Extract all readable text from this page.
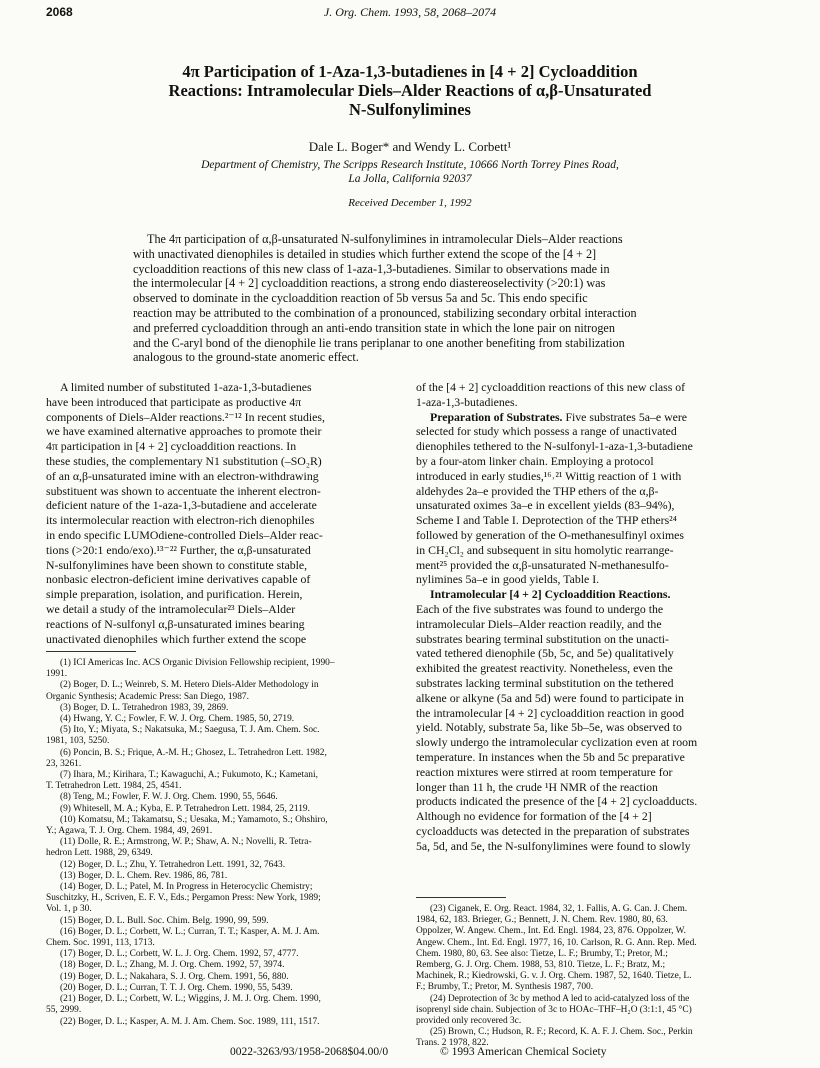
2068	J. Org. Chem. 1993, 58, 2068–2074
4π Participation of 1-Aza-1,3-butadienes in [4 + 2] Cycloaddition
Reactions: Intramolecular Diels–Alder Reactions of α,β-Unsaturated
N-Sulfonylimines
Dale L. Boger* and Wendy L. Corbett¹
Department of Chemistry, The Scripps Research Institute, 10666 North Torrey Pines Road,
La Jolla, California 92037
Received December 1, 1992
The 4π participation of α,β-unsaturated N-sulfonylimines in intramolecular Diels–Alder reactions
with unactivated dienophiles is detailed in studies which further extend the scope of the [4 + 2]
cycloaddition reactions of this new class of 1-aza-1,3-butadienes. Similar to observations made in
the intermolecular [4 + 2] cycloaddition reactions, a strong endo diastereoselectivity (>20:1) was
observed to dominate in the cycloaddition reaction of 5b versus 5a and 5c. This endo specific
reaction may be attributed to the combination of a pronounced, stabilizing secondary orbital interaction
and preferred cycloaddition through an anti-endo transition state in which the lone pair on nitrogen
and the C-aryl bond of the dienophile lie trans periplanar to one another benefiting from stabilization
analogous to the ground-state anomeric effect.
A limited number of substituted 1-aza-1,3-butadienes
have been introduced that participate as productive 4π
components of Diels–Alder reactions.²⁻¹² In recent studies,
we have examined alternative approaches to promote their
4π participation in [4 + 2] cycloaddition reactions. In
these studies, the complementary N1 substitution (–SO₂R)
of an α,β-unsaturated imine with an electron-withdrawing
substituent was shown to accentuate the inherent electron-
deficient nature of the 1-aza-1,3-butadiene and accelerate
its intermolecular reaction with electron-rich dienophiles
in endo specific LUMOdiene-controlled Diels–Alder reac-
tions (>20:1 endo/exo).¹³⁻²² Further, the α,β-unsaturated
N-sulfonylimines have been shown to constitute stable,
nonbasic electron-deficient imine derivatives capable of
simple preparation, isolation, and purification. Herein,
we detail a study of the intramolecular²³ Diels–Alder
reactions of N-sulfonyl α,β-unsaturated imines bearing
unactivated dienophiles which further extend the scope
(1) ICI Americas Inc. ACS Organic Division Fellowship recipient, 1990–
1991.
(2) Boger, D. L.; Weinreb, S. M. Hetero Diels-Alder Methodology in
Organic Synthesis; Academic Press: San Diego, 1987.
(3) Boger, D. L. Tetrahedron 1983, 39, 2869.
(4) Hwang, Y. C.; Fowler, F. W. J. Org. Chem. 1985, 50, 2719.
(5) Ito, Y.; Miyata, S.; Nakatsuka, M.; Saegusa, T. J. Am. Chem. Soc.
1981, 103, 5250.
(6) Poncin, B. S.; Frique, A.-M. H.; Ghosez, L. Tetrahedron Lett. 1982,
23, 3261.
(7) Ihara, M.; Kirihara, T.; Kawaguchi, A.; Fukumoto, K.; Kametani,
T. Tetrahedron Lett. 1984, 25, 4541.
(8) Teng, M.; Fowler, F. W. J. Org. Chem. 1990, 55, 5646.
(9) Whitesell, M. A.; Kyba, E. P. Tetrahedron Lett. 1984, 25, 2119.
(10) Komatsu, M.; Takamatsu, S.; Uesaka, M.; Yamamoto, S.; Ohshiro,
Y.; Agawa, T. J. Org. Chem. 1984, 49, 2691.
(11) Dolle, R. E.; Armstrong, W. P.; Shaw, A. N.; Novelli, R. Tetra-
hedron Lett. 1988, 29, 6349.
(12) Boger, D. L.; Zhu, Y. Tetrahedron Lett. 1991, 32, 7643.
(13) Boger, D. L. Chem. Rev. 1986, 86, 781.
(14) Boger, D. L.; Patel, M. In Progress in Heterocyclic Chemistry;
Suschitzky, H., Scriven, E. F. V., Eds.; Pergamon Press: New York, 1989;
Vol. 1, p 30.
(15) Boger, D. L. Bull. Soc. Chim. Belg. 1990, 99, 599.
(16) Boger, D. L.; Corbett, W. L.; Curran, T. T.; Kasper, A. M. J. Am.
Chem. Soc. 1991, 113, 1713.
(17) Boger, D. L.; Corbett, W. L. J. Org. Chem. 1992, 57, 4777.
(18) Boger, D. L.; Zhang, M. J. Org. Chem. 1992, 57, 3974.
(19) Boger, D. L.; Nakahara, S. J. Org. Chem. 1991, 56, 880.
(20) Boger, D. L.; Curran, T. T. J. Org. Chem. 1990, 55, 5439.
(21) Boger, D. L.; Corbett, W. L.; Wiggins, J. M. J. Org. Chem. 1990,
55, 2999.
(22) Boger, D. L.; Kasper, A. M. J. Am. Chem. Soc. 1989, 111, 1517.
of the [4 + 2] cycloaddition reactions of this new class of
1-aza-1,3-butadienes.
Preparation of Substrates. Five substrates 5a–e were
selected for study which possess a range of unactivated
dienophiles tethered to the N-sulfonyl-1-aza-1,3-butadiene
by a four-atom linker chain. Employing a protocol
introduced in early studies,¹⁶˒²¹ Wittig reaction of 1 with
aldehydes 2a–e provided the THP ethers of the α,β-
unsaturated oximes 3a–e in excellent yields (83–94%),
Scheme I and Table I. Deprotection of the THP ethers²⁴
followed by generation of the O-methanesulfinyl oximes
in CH₂Cl₂ and subsequent in situ homolytic rearrange-
ment²⁵ provided the α,β-unsaturated N-methanesulfo-
nylimines 5a–e in good yields, Table I.
Intramolecular [4 + 2] Cycloaddition Reactions.
Each of the five substrates was found to undergo the
intramolecular Diels–Alder reaction readily, and the
substrates bearing terminal substitution on the unacti-
vated tethered dienophile (5b, 5c, and 5e) qualitatively
exhibited the greatest reactivity. Nonetheless, even the
substrates lacking terminal substitution on the tethered
alkene or alkyne (5a and 5d) were found to participate in
the intramolecular [4 + 2] cycloaddition reaction in good
yield. Notably, substrate 5a, like 5b–5e, was observed to
slowly undergo the intramolecular cyclization even at room
temperature. In instances when the 5b and 5c preparative
reaction mixtures were stirred at room temperature for
longer than 11 h, the crude ¹H NMR of the reaction
products indicated the presence of the [4 + 2] cycloadducts.
Although no evidence for formation of the [4 + 2]
cycloadducts was detected in the preparation of substrates
5a, 5d, and 5e, the N-sulfonylimines were found to slowly
(23) Ciganek, E. Org. React. 1984, 32, 1. Fallis, A. G. Can. J. Chem.
1984, 62, 183. Brieger, G.; Bennett, J. N. Chem. Rev. 1980, 80, 63.
Oppolzer, W. Angew. Chem., Int. Ed. Engl. 1984, 23, 876. Oppolzer, W.
Angew. Chem., Int. Ed. Engl. 1977, 16, 10. Carlson, R. G. Ann. Rep. Med.
Chem. 1980, 80, 63. See also: Tietze, L. F.; Brumby, T.; Pretor, M.;
Remberg, G. J. Org. Chem. 1988, 53, 810. Tietze, L. F.; Bratz, M.;
Machinek, R.; Kiedrowski, G. v. J. Org. Chem. 1987, 52, 1640. Tietze, L.
F.; Brumby, T.; Pretor, M. Synthesis 1987, 700.
(24) Deprotection of 3c by method A led to acid-catalyzed loss of the
isoprenyl side chain. Subjection of 3c to HOAc–THF–H₂O (3:1:1, 45 °C)
provided only recovered 3c.
(25) Brown, C.; Hudson, R. F.; Record, K. A. F. J. Chem. Soc., Perkin
Trans. 2 1978, 822.
0022-3263/93/1958-2068$04.00/0	© 1993 American Chemical Society
